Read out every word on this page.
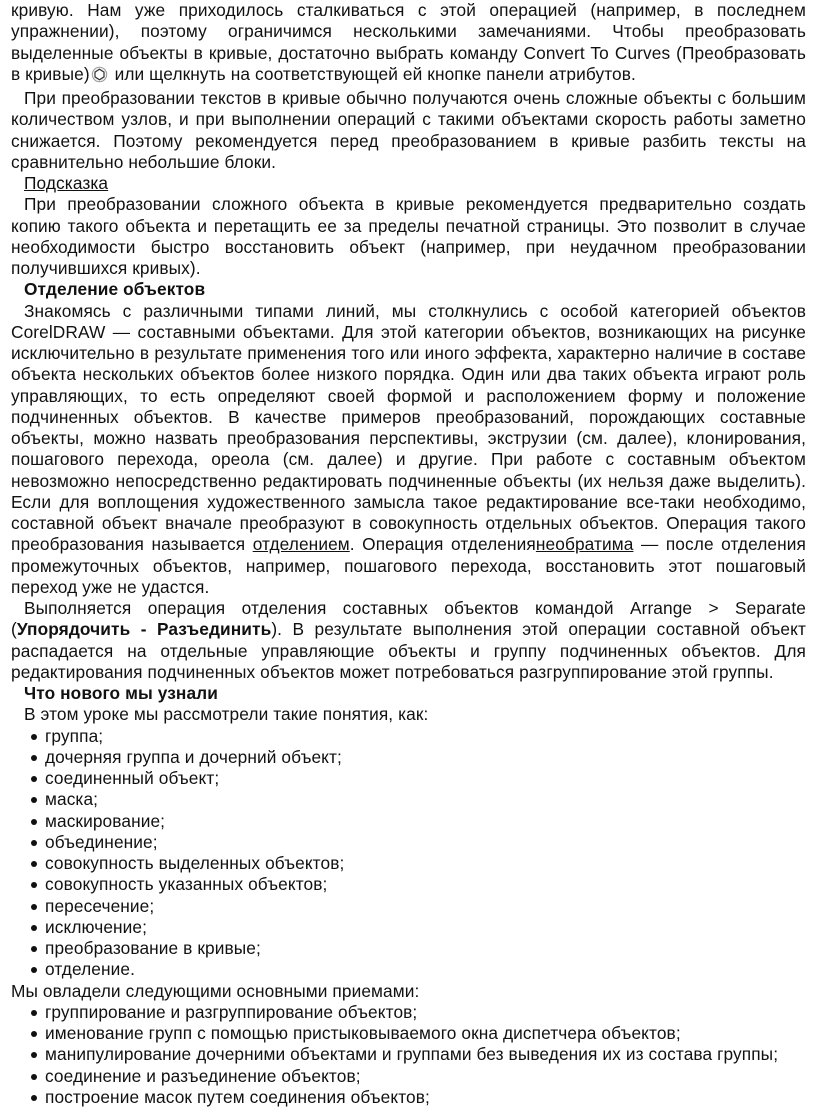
кривую. Нам уже приходилось сталкиваться с этой операцией (например, в последнем упражнении), поэтому ограничимся несколькими замечаниями. Чтобы преобразовать выделенные объекты в кривые, достаточно выбрать команду Convert To Curves (Преобразовать в кривые) или щелкнуть на соответствующей ей кнопке панели атрибутов.

При преобразовании текстов в кривые обычно получаются очень сложные объекты с большим количеством узлов, и при выполнении операций с такими объектами скорость работы заметно снижается. Поэтому рекомендуется перед преобразованием в кривые разбить тексты на сравнительно небольшие блоки.

Подсказка

При преобразовании сложного объекта в кривые рекомендуется предварительно создать копию такого объекта и перетащить ее за пределы печатной страницы. Это позволит в случае необходимости быстро восстановить объект (например, при неудачном преобразовании получившихся кривых).

Отделение объектов

Знакомясь с различными типами линий, мы столкнулись с особой категорией объектов CorelDRAW — составными объектами. Для этой категории объектов, возникающих на рисунке исключительно в результате применения того или иного эффекта, характерно наличие в составе объекта нескольких объектов более низкого порядка. Один или два таких объекта играют роль управляющих, то есть определяют своей формой и расположением форму и положение подчиненных объектов. В качестве примеров преобразований, порождающих составные объекты, можно назвать преобразования перспективы, экструзии (см. далее), клонирования, пошагового перехода, ореола (см. далее) и другие. При работе с составным объектом невозможно непосредственно редактировать подчиненные объекты (их нельзя даже выделить). Если для воплощения художественного замысла такое редактирование все-таки необходимо, составной объект вначале преобразуют в совокупность отдельных объектов. Операция такого преобразования называется отделением. Операция отделениянеобратима — после отделения промежуточных объектов, например, пошагового перехода, восстановить этот пошаговый переход уже не удастся.

Выполняется операция отделения составных объектов командой Arrange > Separate (Упорядочить - Разъединить). В результате выполнения этой операции составной объект распадается на отдельные управляющие объекты и группу подчиненных объектов. Для редактирования подчиненных объектов может потребоваться разгруппирование этой группы.

Что нового мы узнали

В этом уроке мы рассмотрели такие понятия, как:

группа;
дочерняя группа и дочерний объект;
соединенный объект;
маска;
маскирование;
объединение;
совокупность выделенных объектов;
совокупность указанных объектов;
пересечение;
исключение;
преобразование в кривые;
отделение.

Мы овладели следующими основными приемами:

группирование и разгруппирование объектов;
именование групп с помощью пристыковываемого окна диспетчера объектов;
манипулирование дочерними объектами и группами без выведения их из состава группы;
соединение и разъединение объектов;
построение масок путем соединения объектов;
